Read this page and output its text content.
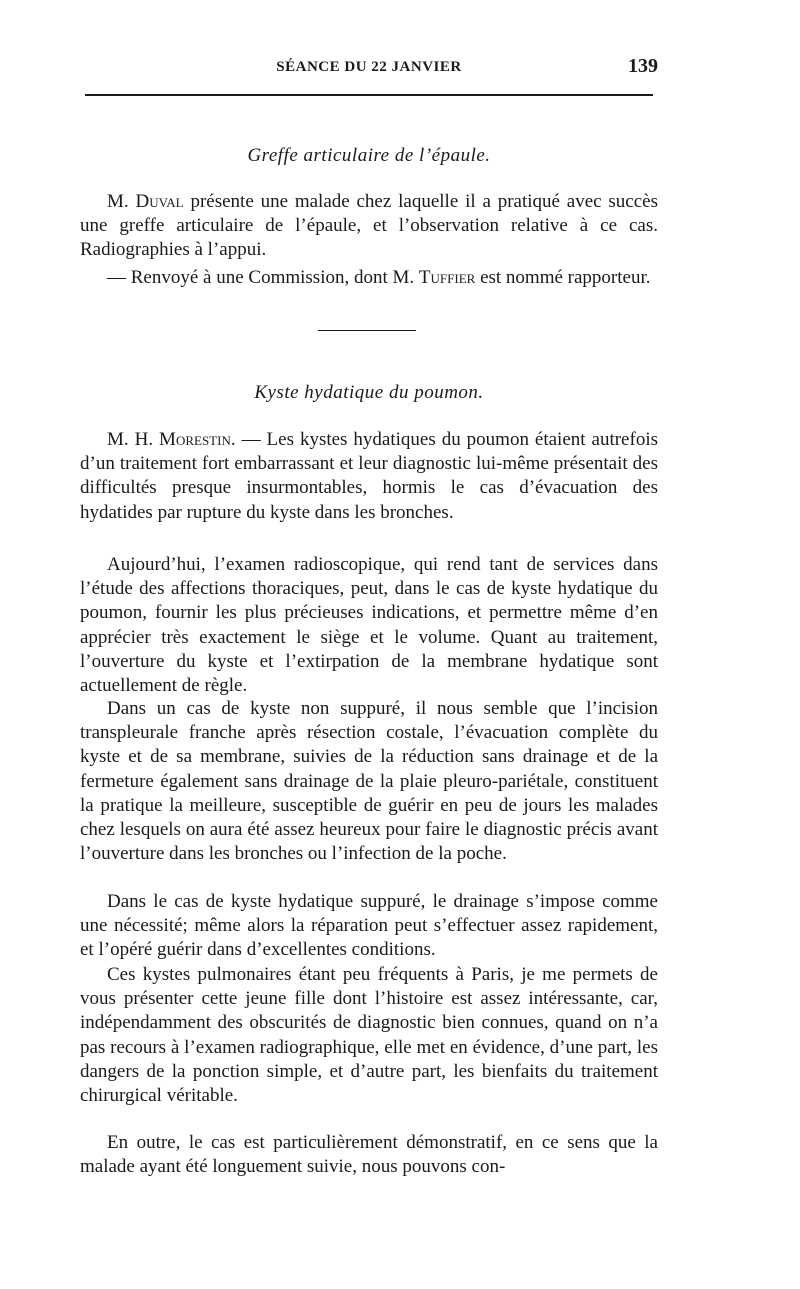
SÉANCE DU 22 JANVIER	139
Greffe articulaire de l’épaule.

M. Duval présente une malade chez laquelle il a pratiqué avec succès une greffe articulaire de l’épaule, et l’observation relative à ce cas. Radiographies à l’appui.

— Renvoyé à une Commission, dont M. Tuffier est nommé rapporteur.

Kyste hydatique du poumon.

M. H. Morestin. — Les kystes hydatiques du poumon étaient autrefois d’un traitement fort embarrassant et leur diagnostic lui-même présentait des difficultés presque insurmontables, hormis le cas d’évacuation des hydatides par rupture du kyste dans les bronches.

Aujourd’hui, l’examen radioscopique, qui rend tant de services dans l’étude des affections thoraciques, peut, dans le cas de kyste hydatique du poumon, fournir les plus précieuses indications, et permettre même d’en apprécier très exactement le siège et le volume. Quant au traitement, l’ouverture du kyste et l’extirpation de la membrane hydatique sont actuellement de règle.

Dans un cas de kyste non suppuré, il nous semble que l’incision transpleurale franche après résection costale, l’évacuation complète du kyste et de sa membrane, suivies de la réduction sans drainage et de la fermeture également sans drainage de la plaie pleuro-pariétale, constituent la pratique la meilleure, susceptible de guérir en peu de jours les malades chez lesquels on aura été assez heureux pour faire le diagnostic précis avant l’ouverture dans les bronches ou l’infection de la poche.

Dans le cas de kyste hydatique suppuré, le drainage s’impose comme une nécessité; même alors la réparation peut s’effectuer assez rapidement, et l’opéré guérir dans d’excellentes conditions.

Ces kystes pulmonaires étant peu fréquents à Paris, je me permets de vous présenter cette jeune fille dont l’histoire est assez intéressante, car, indépendamment des obscurités de diagnostic bien connues, quand on n’a pas recours à l’examen radiographique, elle met en évidence, d’une part, les dangers de la ponction simple, et d’autre part, les bienfaits du traitement chirurgical véritable.

En outre, le cas est particulièrement démonstratif, en ce sens que la malade ayant été longuement suivie, nous pouvons con-
